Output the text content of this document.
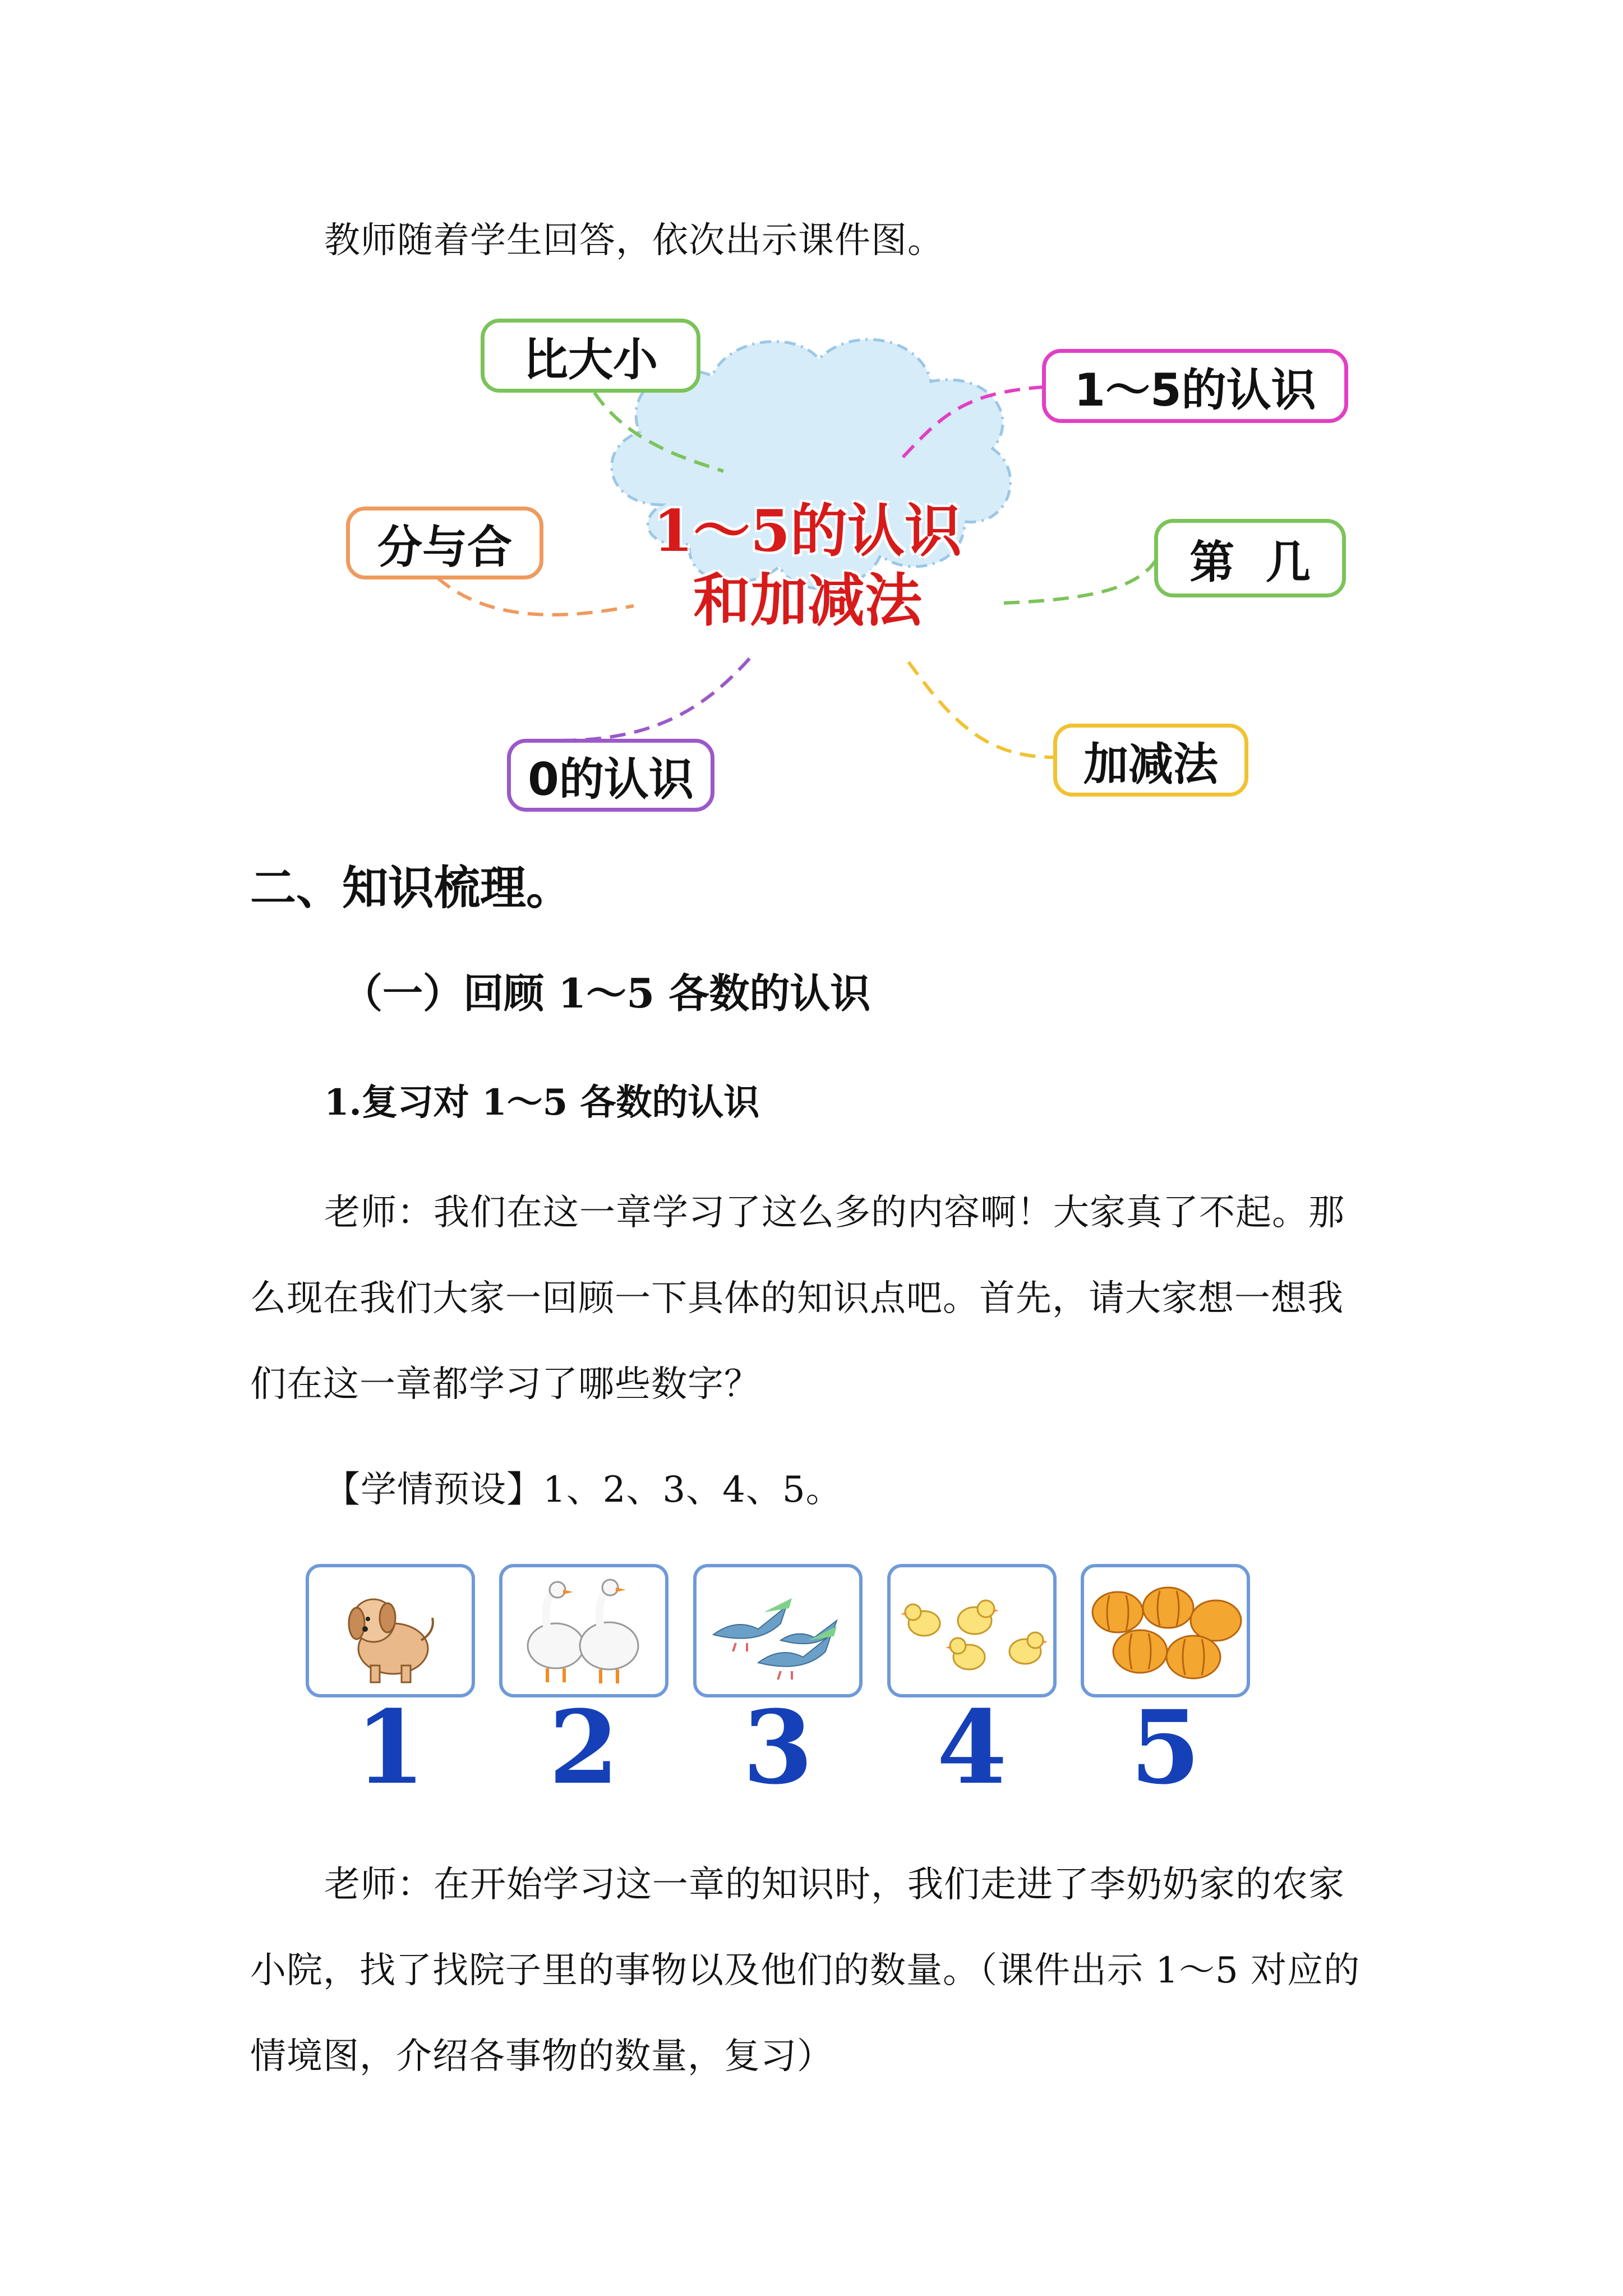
教师随着学生回答，依次出示课件图。
1～5的认识
和加减法
比大小
1～5的认识
分与合	第  几
0的认识	加减法
二、知识梳理。
（一）回顾 1～5 各数的认识
1.复习对 1～5 各数的认识
老师：我们在这一章学习了这么多的内容啊！大家真了不起。那
么现在我们大家一回顾一下具体的知识点吧。首先，请大家想一想我
们在这一章都学习了哪些数字？
【学情预设】1、2、3、4、5。
1	2	3	4	5
老师：在开始学习这一章的知识时，我们走进了李奶奶家的农家
小院，找了找院子里的事物以及他们的数量。（课件出示 1～5 对应的
情境图，介绍各事物的数量，复习）
